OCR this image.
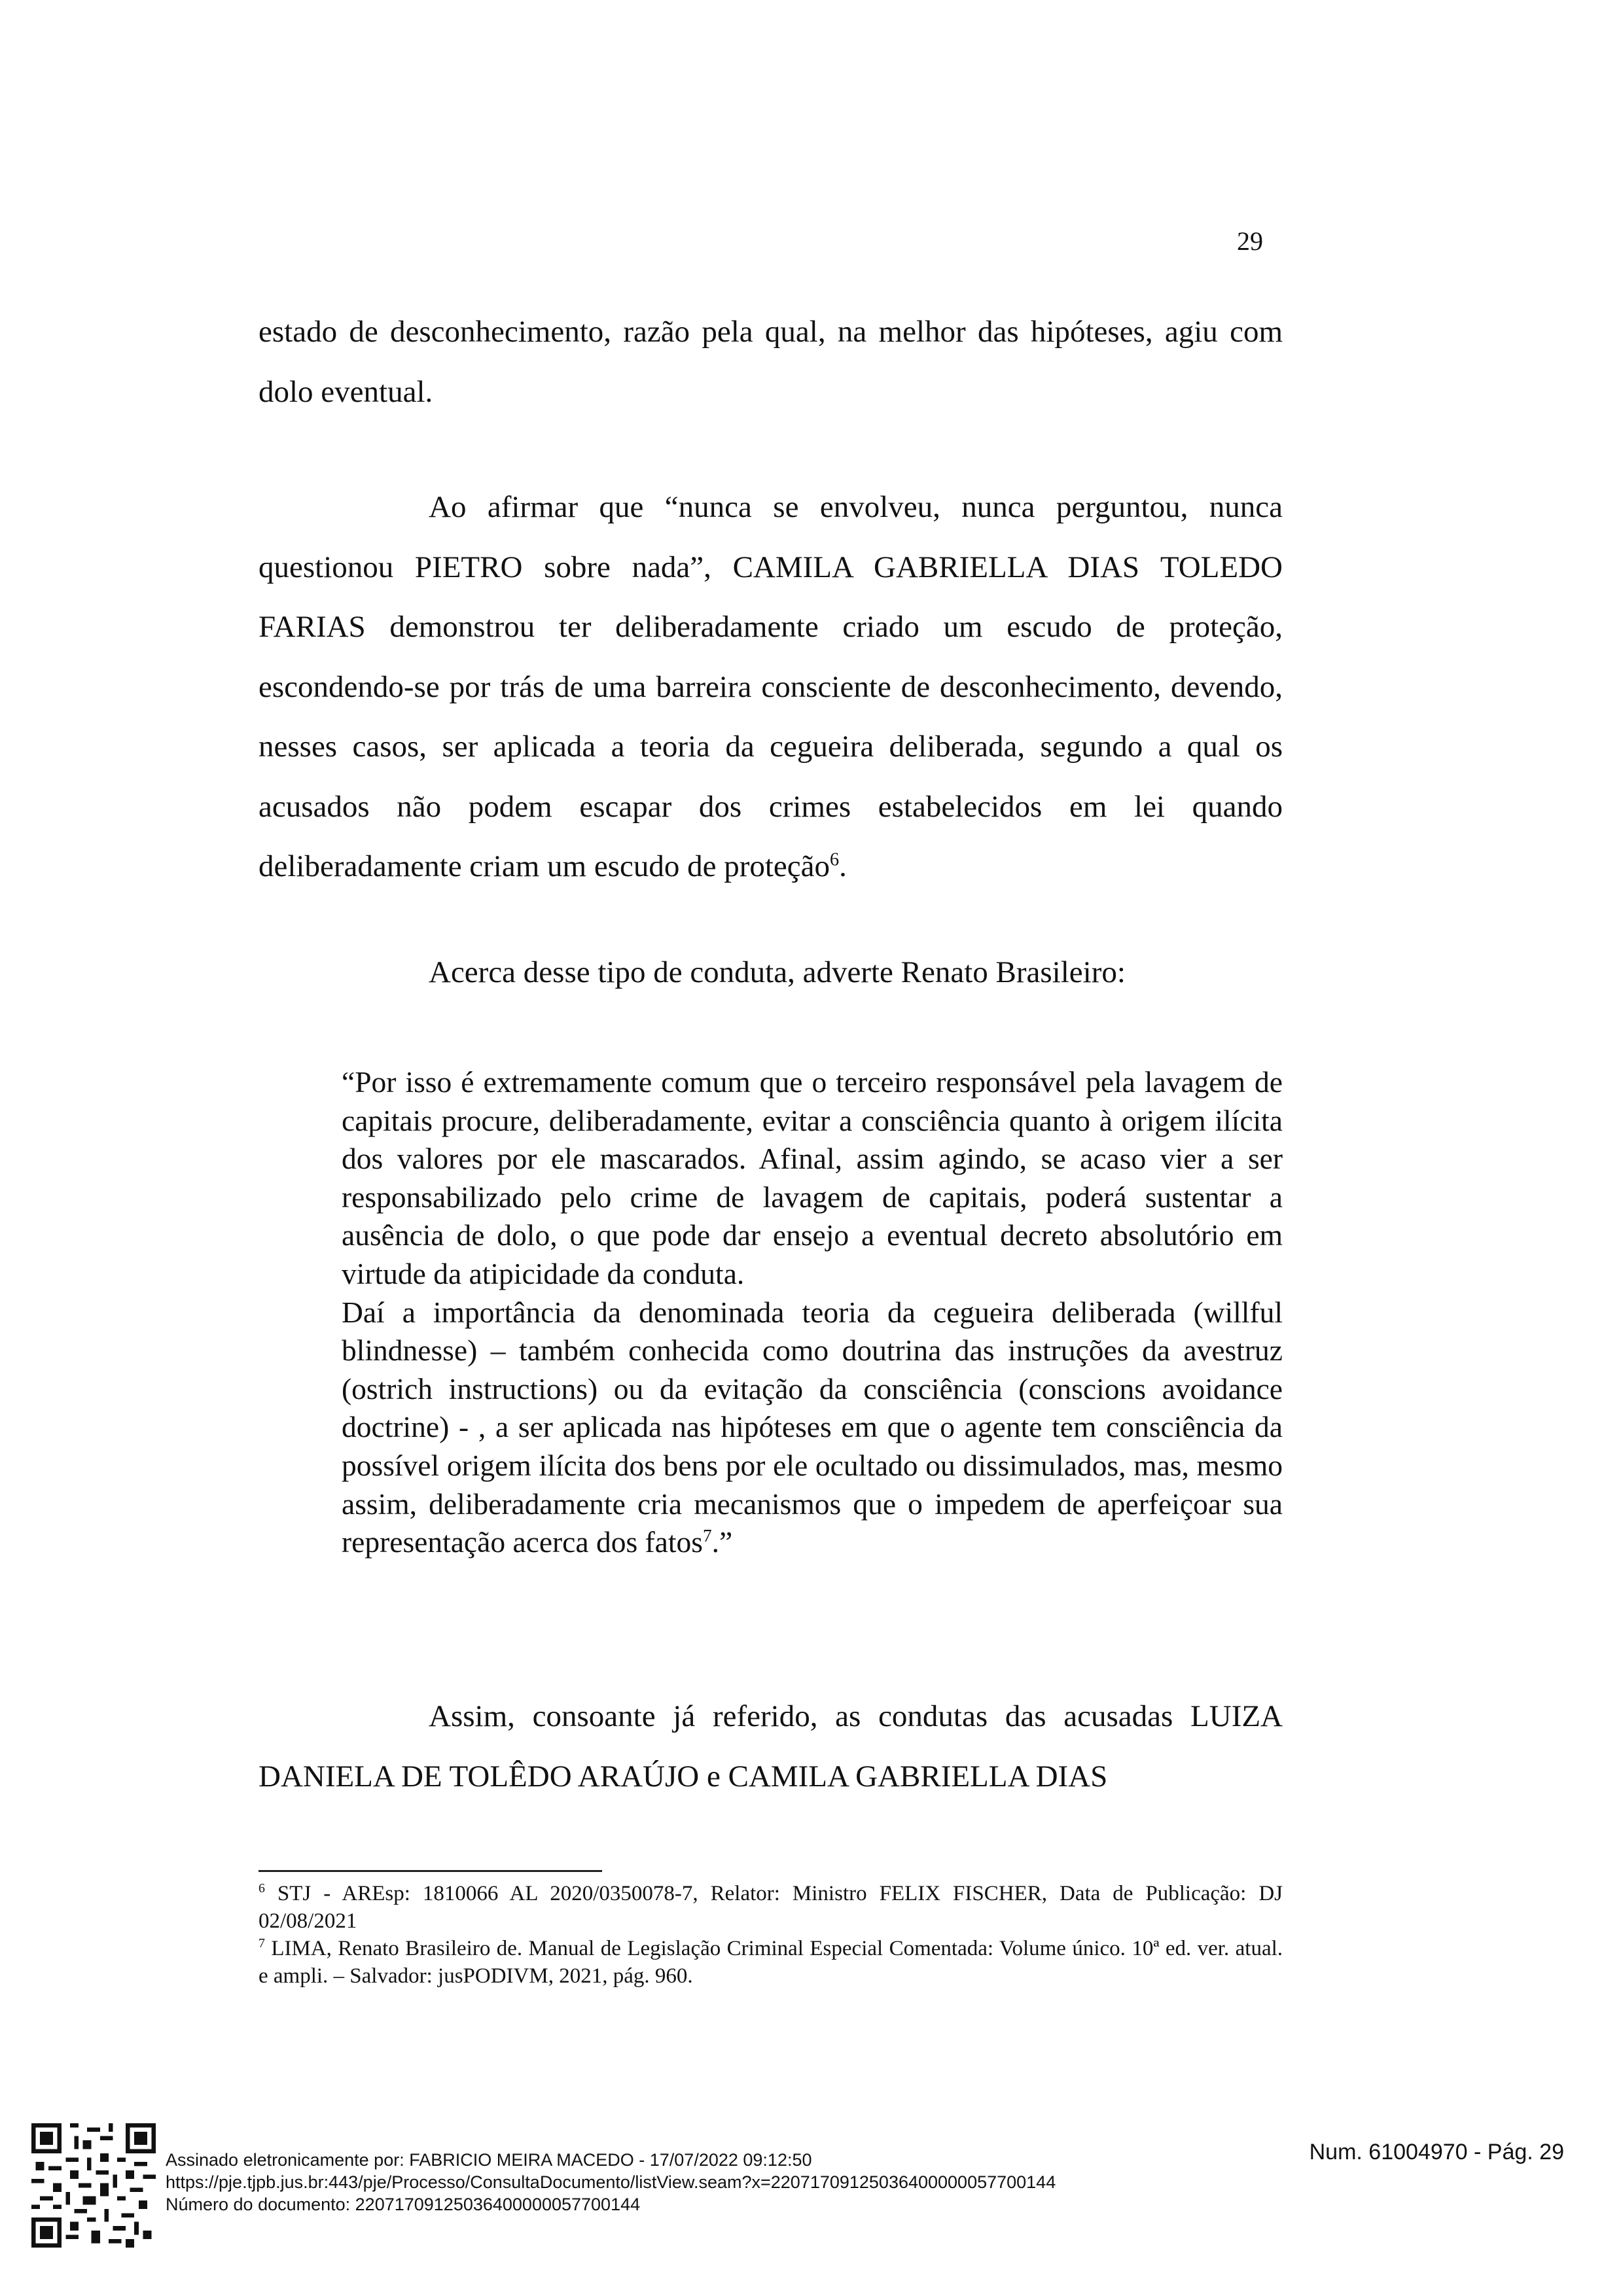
29

estado de desconhecimento, razão pela qual, na melhor das hipóteses, agiu com dolo eventual.

Ao afirmar que “nunca se envolveu, nunca perguntou, nunca questionou PIETRO sobre nada”, CAMILA GABRIELLA DIAS TOLEDO FARIAS demonstrou ter deliberadamente criado um escudo de proteção, escondendo-se por trás de uma barreira consciente de desconhecimento, devendo, nesses casos, ser aplicada a teoria da cegueira deliberada, segundo a qual os acusados não podem escapar dos crimes estabelecidos em lei quando deliberadamente criam um escudo de proteção$^6$.

Acerca desse tipo de conduta, adverte Renato Brasileiro:

“Por isso é extremamente comum que o terceiro responsável pela lavagem de capitais procure, deliberadamente, evitar a consciência quanto à origem ilícita dos valores por ele mascarados. Afinal, assim agindo, se acaso vier a ser responsabilizado pelo crime de lavagem de capitais, poderá sustentar a ausência de dolo, o que pode dar ensejo a eventual decreto absolutório em virtude da atipicidade da conduta.

Daí a importância da denominada teoria da cegueira deliberada (willful blindnesse) – também conhecida como doutrina das instruções da avestruz (ostrich instructions) ou da evitação da consciência (conscions avoidance doctrine) - , a ser aplicada nas hipóteses em que o agente tem consciência da possível origem ilícita dos bens por ele ocultado ou dissimulados, mas, mesmo assim, deliberadamente cria mecanismos que o impedem de aperfeiçoar sua representação acerca dos fatos$^7$.”

Assim, consoante já referido, as condutas das acusadas LUIZA DANIELA DE TOLÊDO ARAÚJO e CAMILA GABRIELLA DIAS

$^6$ STJ - AREsp: 1810066 AL 2020/0350078-7, Relator: Ministro FELIX FISCHER, Data de Publicação: DJ 02/08/2021

$^7$ LIMA, Renato Brasileiro de. Manual de Legislação Criminal Especial Comentada: Volume único. 10ª ed. ver. atual. e ampli. – Salvador: jusPODIVM, 2021, pág. 960.

Assinado eletronicamente por: FABRICIO MEIRA MACEDO - 17/07/2022 09:12:50
https://pje.tjpb.jus.br:443/pje/Processo/ConsultaDocumento/listView.seam?x=22071709125036400000057700144
Número do documento: 22071709125036400000057700144
Num. 61004970 - Pág. 29
